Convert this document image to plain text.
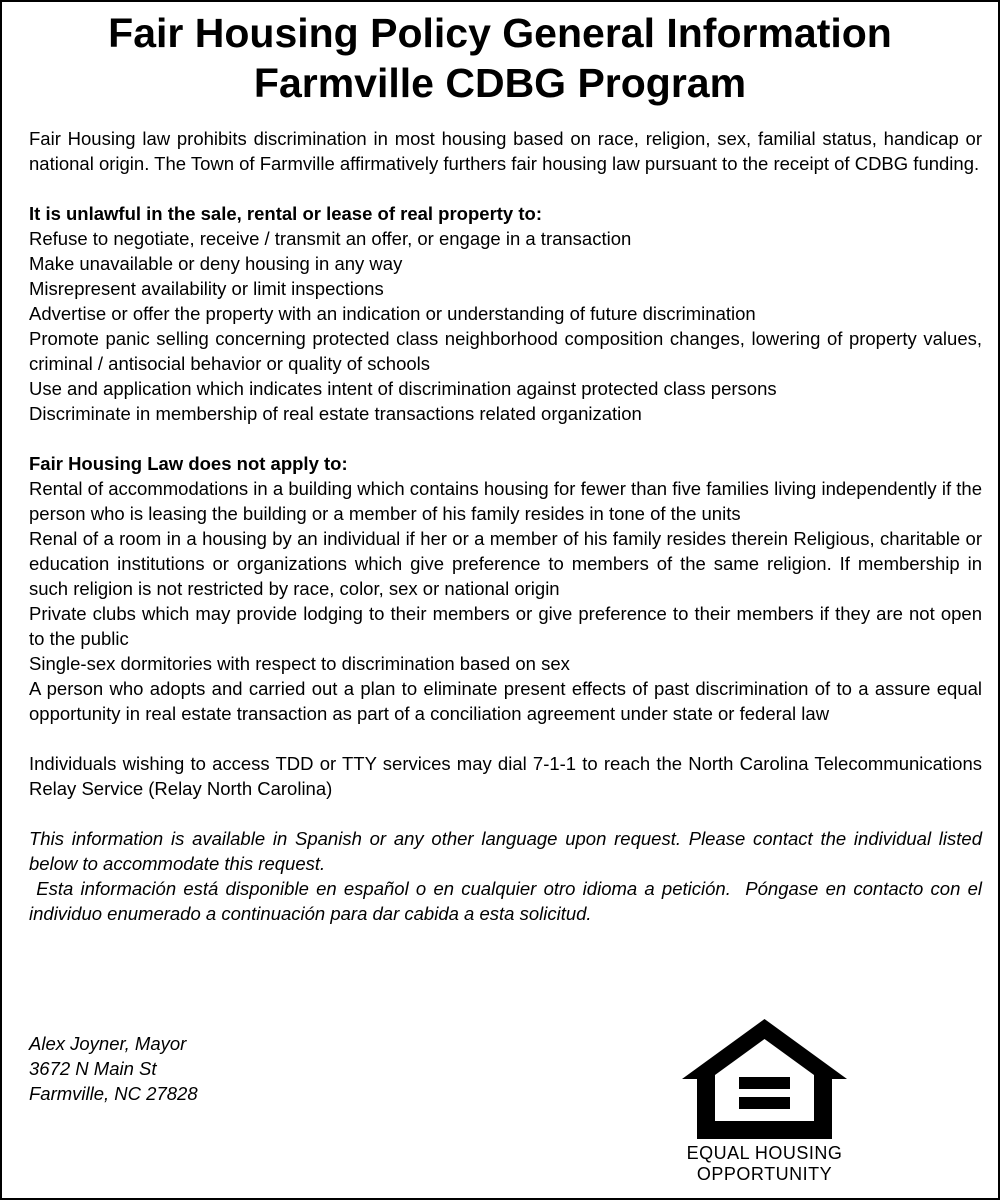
Fair Housing Policy General Information
Farmville CDBG Program

Fair Housing law prohibits discrimination in most housing based on race, religion, sex, familial status, handicap or national origin. The Town of Farmville affirmatively furthers fair housing law pursuant to the receipt of CDBG funding.

It is unlawful in the sale, rental or lease of real property to:

Refuse to negotiate, receive / transmit an offer, or engage in a transaction

Make unavailable or deny housing in any way

Misrepresent availability or limit inspections

Advertise or offer the property with an indication or understanding of future discrimination

Promote panic selling concerning protected class neighborhood composition changes, lowering of property values, criminal / antisocial behavior or quality of schools

Use and application which indicates intent of discrimination against protected class persons

Discriminate in membership of real estate transactions related organization

Fair Housing Law does not apply to:

Rental of accommodations in a building which contains housing for fewer than five families living independently if the person who is leasing the building or a member of his family resides in tone of the units

Renal of a room in a housing by an individual if her or a member of his family resides therein Religious, charitable or education institutions or organizations which give preference to members of the same religion. If membership in such religion is not restricted by race, color, sex or national origin

Private clubs which may provide lodging to their members or give preference to their members if they are not open to the public

Single-sex dormitories with respect to discrimination based on sex

A person who adopts and carried out a plan to eliminate present effects of past discrimination of to a assure equal opportunity in real estate transaction as part of a conciliation agreement under state or federal law

Individuals wishing to access TDD or TTY services may dial 7-1-1 to reach the North Carolina Telecommunications Relay Service (Relay North Carolina)

This information is available in Spanish or any other language upon request. Please contact the individual listed below to accommodate this request.

Esta información está disponible en español o en cualquier otro idioma a petición.  Póngase en contacto con el individuo enumerado a continuación para dar cabida a esta solicitud.

Alex Joyner, Mayor
3672 N Main St
Farmville, NC 27828
EQUAL HOUSING
OPPORTUNITY
